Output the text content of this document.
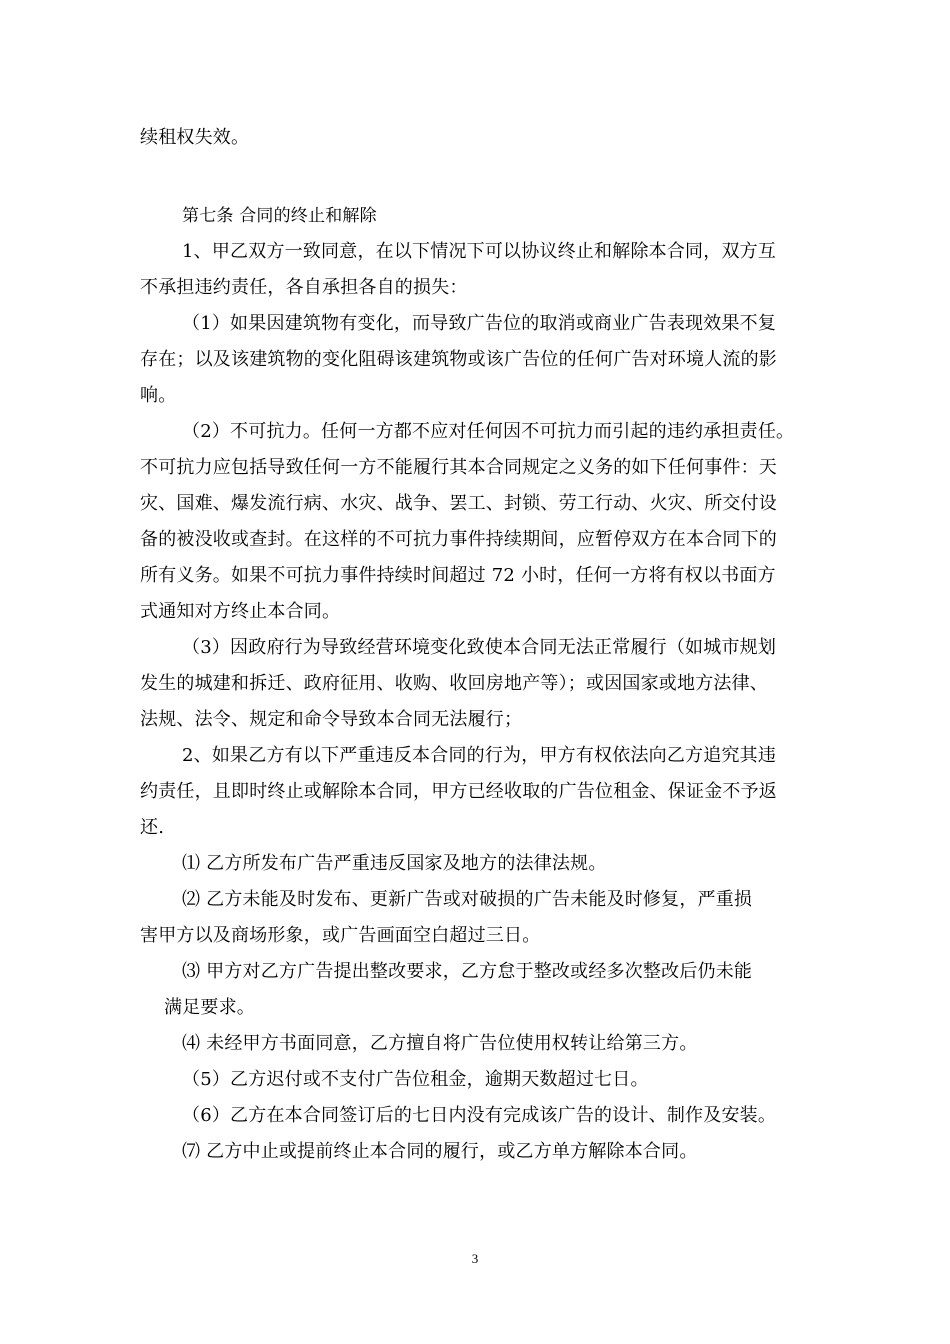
续租权失效。
第七条 合同的终止和解除
1、甲乙双方一致同意，在以下情况下可以协议终止和解除本合同，双方互
不承担违约责任，各自承担各自的损失：
（1）如果因建筑物有变化，而导致广告位的取消或商业广告表现效果不复
存在；以及该建筑物的变化阻碍该建筑物或该广告位的任何广告对环境人流的影
响。
（2）不可抗力。任何一方都不应对任何因不可抗力而引起的违约承担责任。
不可抗力应包括导致任何一方不能履行其本合同规定之义务的如下任何事件：天
灾、国难、爆发流行病、水灾、战争、罢工、封锁、劳工行动、火灾、所交付设
备的被没收或查封。在这样的不可抗力事件持续期间，应暂停双方在本合同下的
所有义务。如果不可抗力事件持续时间超过 72 小时，任何一方将有权以书面方
式通知对方终止本合同。
（3）因政府行为导致经营环境变化致使本合同无法正常履行（如城市规划
发生的城建和拆迁、政府征用、收购、收回房地产等）；或因国家或地方法律、
法规、法令、规定和命令导致本合同无法履行；
2、如果乙方有以下严重违反本合同的行为，甲方有权依法向乙方追究其违
约责任，且即时终止或解除本合同，甲方已经收取的广告位租金、保证金不予返
还.
⑴ 乙方所发布广告严重违反国家及地方的法律法规。
⑵ 乙方未能及时发布、更新广告或对破损的广告未能及时修复，严重损
害甲方以及商场形象，或广告画面空白超过三日。
⑶ 甲方对乙方广告提出整改要求，乙方怠于整改或经多次整改后仍未能
满足要求。
⑷ 未经甲方书面同意，乙方擅自将广告位使用权转让给第三方。
（5）乙方迟付或不支付广告位租金，逾期天数超过七日。
（6）乙方在本合同签订后的七日内没有完成该广告的设计、制作及安装。
⑺ 乙方中止或提前终止本合同的履行，或乙方单方解除本合同。
3
